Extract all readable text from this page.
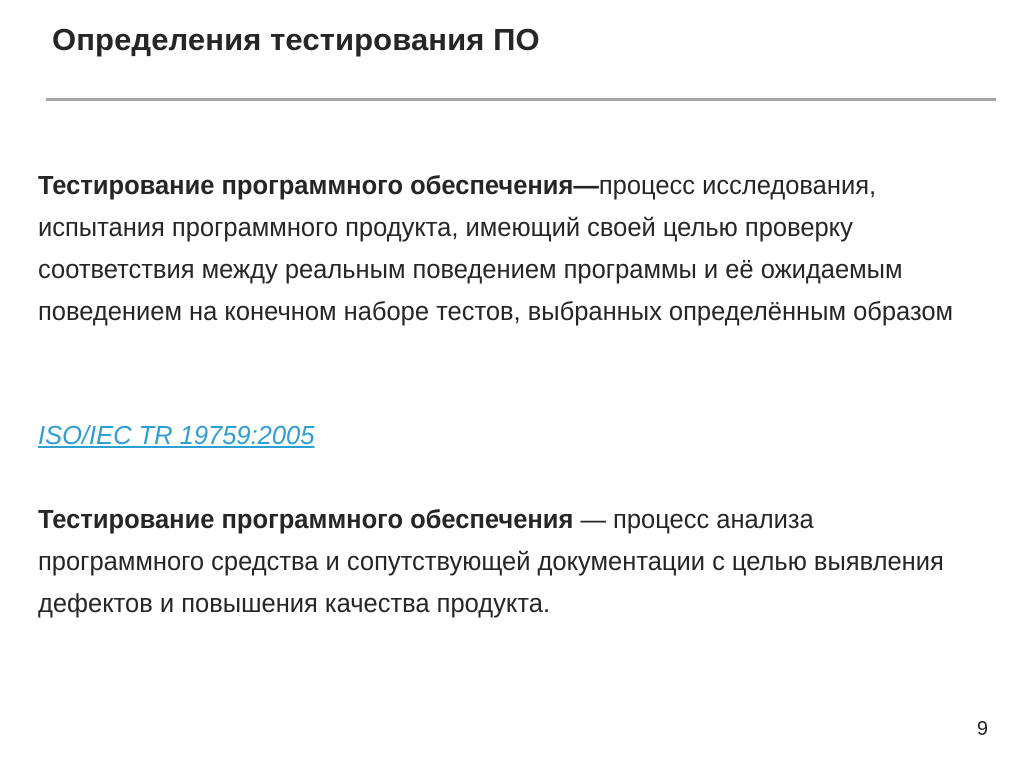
Определения тестирования ПО

Тестирование программного обеспечения—процесс исследования, испытания программного продукта, имеющий своей целью проверку соответствия между реальным поведением программы и её ожидаемым поведением на конечном наборе тестов, выбранных определённым образом

ISO/IEC TR 19759:2005

Тестирование программного обеспечения — процесс анализа программного средства и сопутствующей документации с целью выявления дефектов и повышения качества продукта.

9
